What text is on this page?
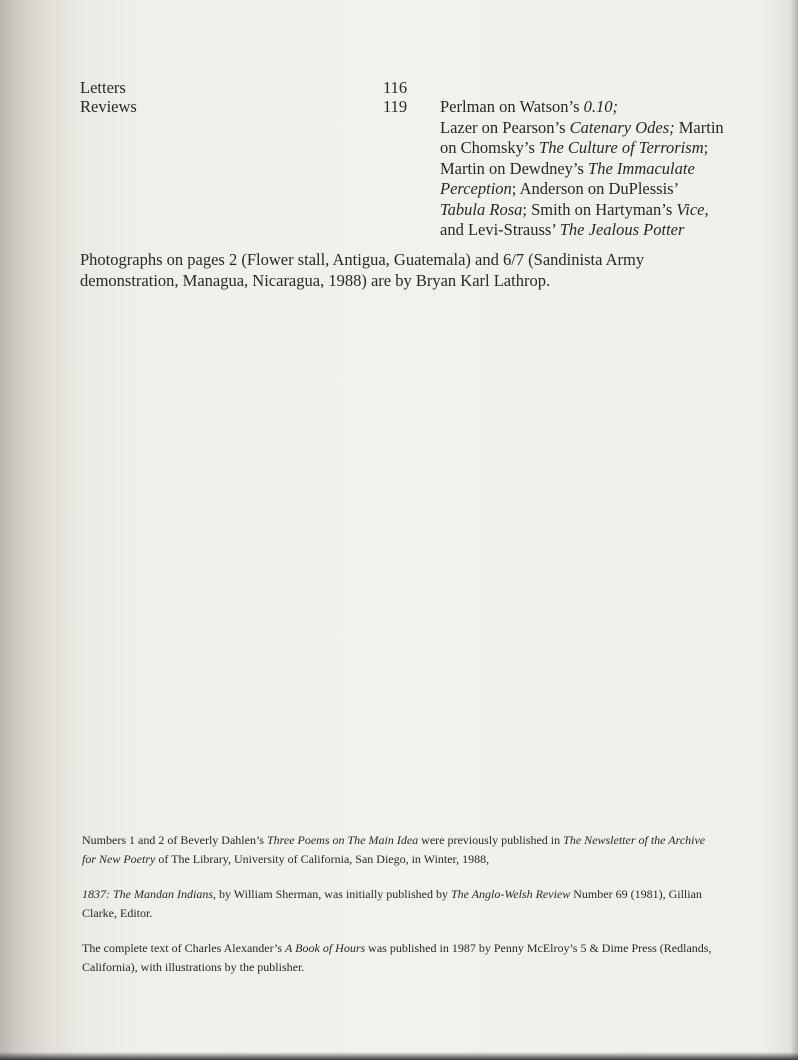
Letters	116
Reviews	119 Perlman on Watson’s 0.10;
Lazer on Pearson’s Catenary Odes; Martin
on Chomsky’s The Culture of Terrorism;
Martin on Dewdney’s The Immaculate
Perception; Anderson on DuPlessis’
Tabula Rosa; Smith on Hartyman’s Vice,
and Levi-Strauss’ The Jealous Potter
Photographs on pages 2 (Flower stall, Antigua, Guatemala) and 6/7 (Sandinista Army
demonstration, Managua, Nicaragua, 1988) are by Bryan Karl Lathrop.
Numbers 1 and 2 of Beverly Dahlen’s Three Poems on The Main Idea were previously published in The Newsletter of the Archive
for New Poetry of The Library, University of California, San Diego, in Winter, 1988,
1837: The Mandan Indians, by William Sherman, was initially published by The Anglo-Welsh Review Number 69 (1981), Gillian
Clarke, Editor.
The complete text of Charles Alexander’s A Book of Hours was published in 1987 by Penny McElroy’s 5 & Dime Press (Redlands,
California), with illustrations by the publisher.
